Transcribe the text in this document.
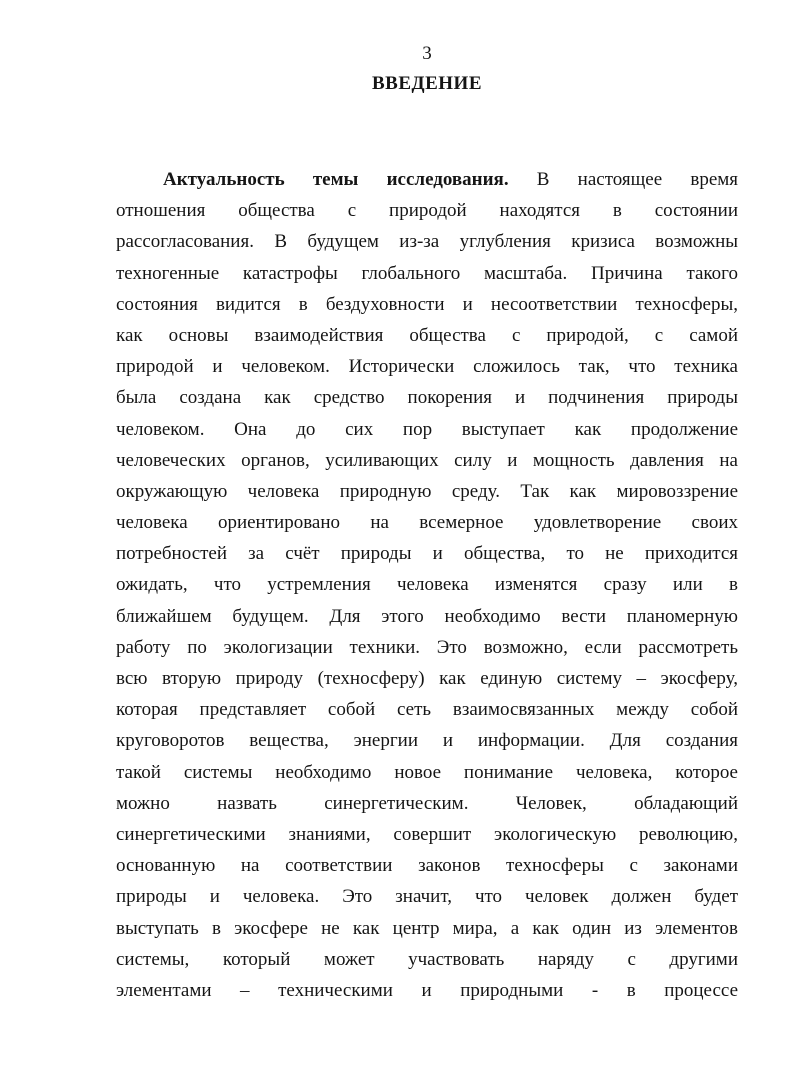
3
ВВЕДЕНИЕ
Актуальность темы исследования. В настоящее время
отношения общества с природой находятся в состоянии
рассогласования. В будущем из-за углубления кризиса возможны
техногенные катастрофы глобального масштаба. Причина такого
состояния видится в бездуховности и несоответствии техносферы,
как основы взаимодействия общества с природой, с самой
природой и человеком. Исторически сложилось так, что техника
была создана как средство покорения и подчинения природы
человеком. Она до сих пор выступает как продолжение
человеческих органов, усиливающих силу и мощность давления на
окружающую человека природную среду. Так как мировоззрение
человека ориентировано на всемерное удовлетворение своих
потребностей за счёт природы и общества, то не приходится
ожидать, что устремления человека изменятся сразу или в
ближайшем будущем. Для этого необходимо вести планомерную
работу по экологизации техники. Это возможно, если рассмотреть
всю вторую природу (техносферу) как единую систему – экосферу,
которая представляет собой сеть взаимосвязанных между собой
круговоротов вещества, энергии и информации. Для создания
такой системы необходимо новое понимание человека, которое
можно назвать синергетическим. Человек, обладающий
синергетическими знаниями, совершит экологическую революцию,
основанную на соответствии законов техносферы с законами
природы и человека. Это значит, что человек должен будет
выступать в экосфере не как центр мира, а как один из элементов
системы, который может участвовать наряду с другими
элементами – техническими и природными - в процессе
